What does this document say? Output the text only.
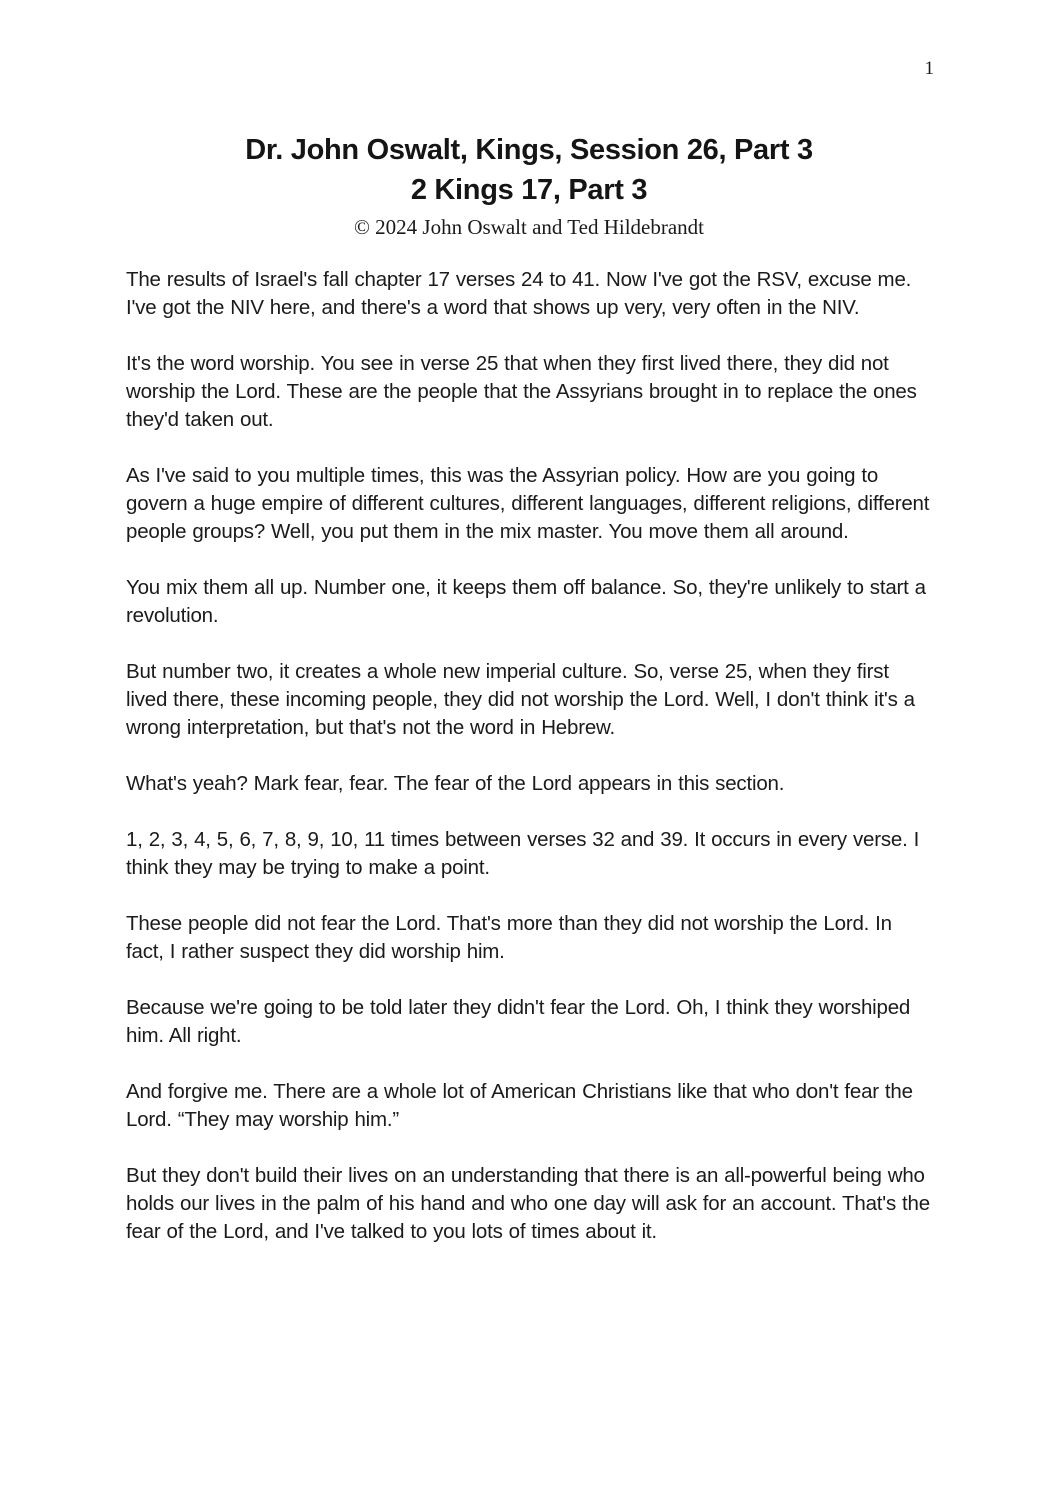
1
Dr. John Oswalt, Kings, Session 26, Part 3
2 Kings 17, Part 3
© 2024 John Oswalt and Ted Hildebrandt

The results of Israel's fall chapter 17 verses 24 to 41. Now I've got the RSV, excuse me. I've got the NIV here, and there's a word that shows up very, very often in the NIV.

It's the word worship. You see in verse 25 that when they first lived there, they did not worship the Lord. These are the people that the Assyrians brought in to replace the ones they'd taken out.

As I've said to you multiple times, this was the Assyrian policy. How are you going to govern a huge empire of different cultures, different languages, different religions, different people groups? Well, you put them in the mix master. You move them all around.

You mix them all up. Number one, it keeps them off balance. So, they're unlikely to start a revolution.

But number two, it creates a whole new imperial culture. So, verse 25, when they first lived there, these incoming people, they did not worship the Lord. Well, I don't think it's a wrong interpretation, but that's not the word in Hebrew.

What's yeah? Mark fear, fear. The fear of the Lord appears in this section.

1, 2, 3, 4, 5, 6, 7, 8, 9, 10, 11 times between verses 32 and 39. It occurs in every verse. I think they may be trying to make a point.

These people did not fear the Lord. That's more than they did not worship the Lord. In fact, I rather suspect they did worship him.

Because we're going to be told later they didn't fear the Lord. Oh, I think they worshiped him. All right.

And forgive me. There are a whole lot of American Christians like that who don't fear the Lord. “They may worship him.”

But they don't build their lives on an understanding that there is an all-powerful being who holds our lives in the palm of his hand and who one day will ask for an account. That's the fear of the Lord, and I've talked to you lots of times about it.
